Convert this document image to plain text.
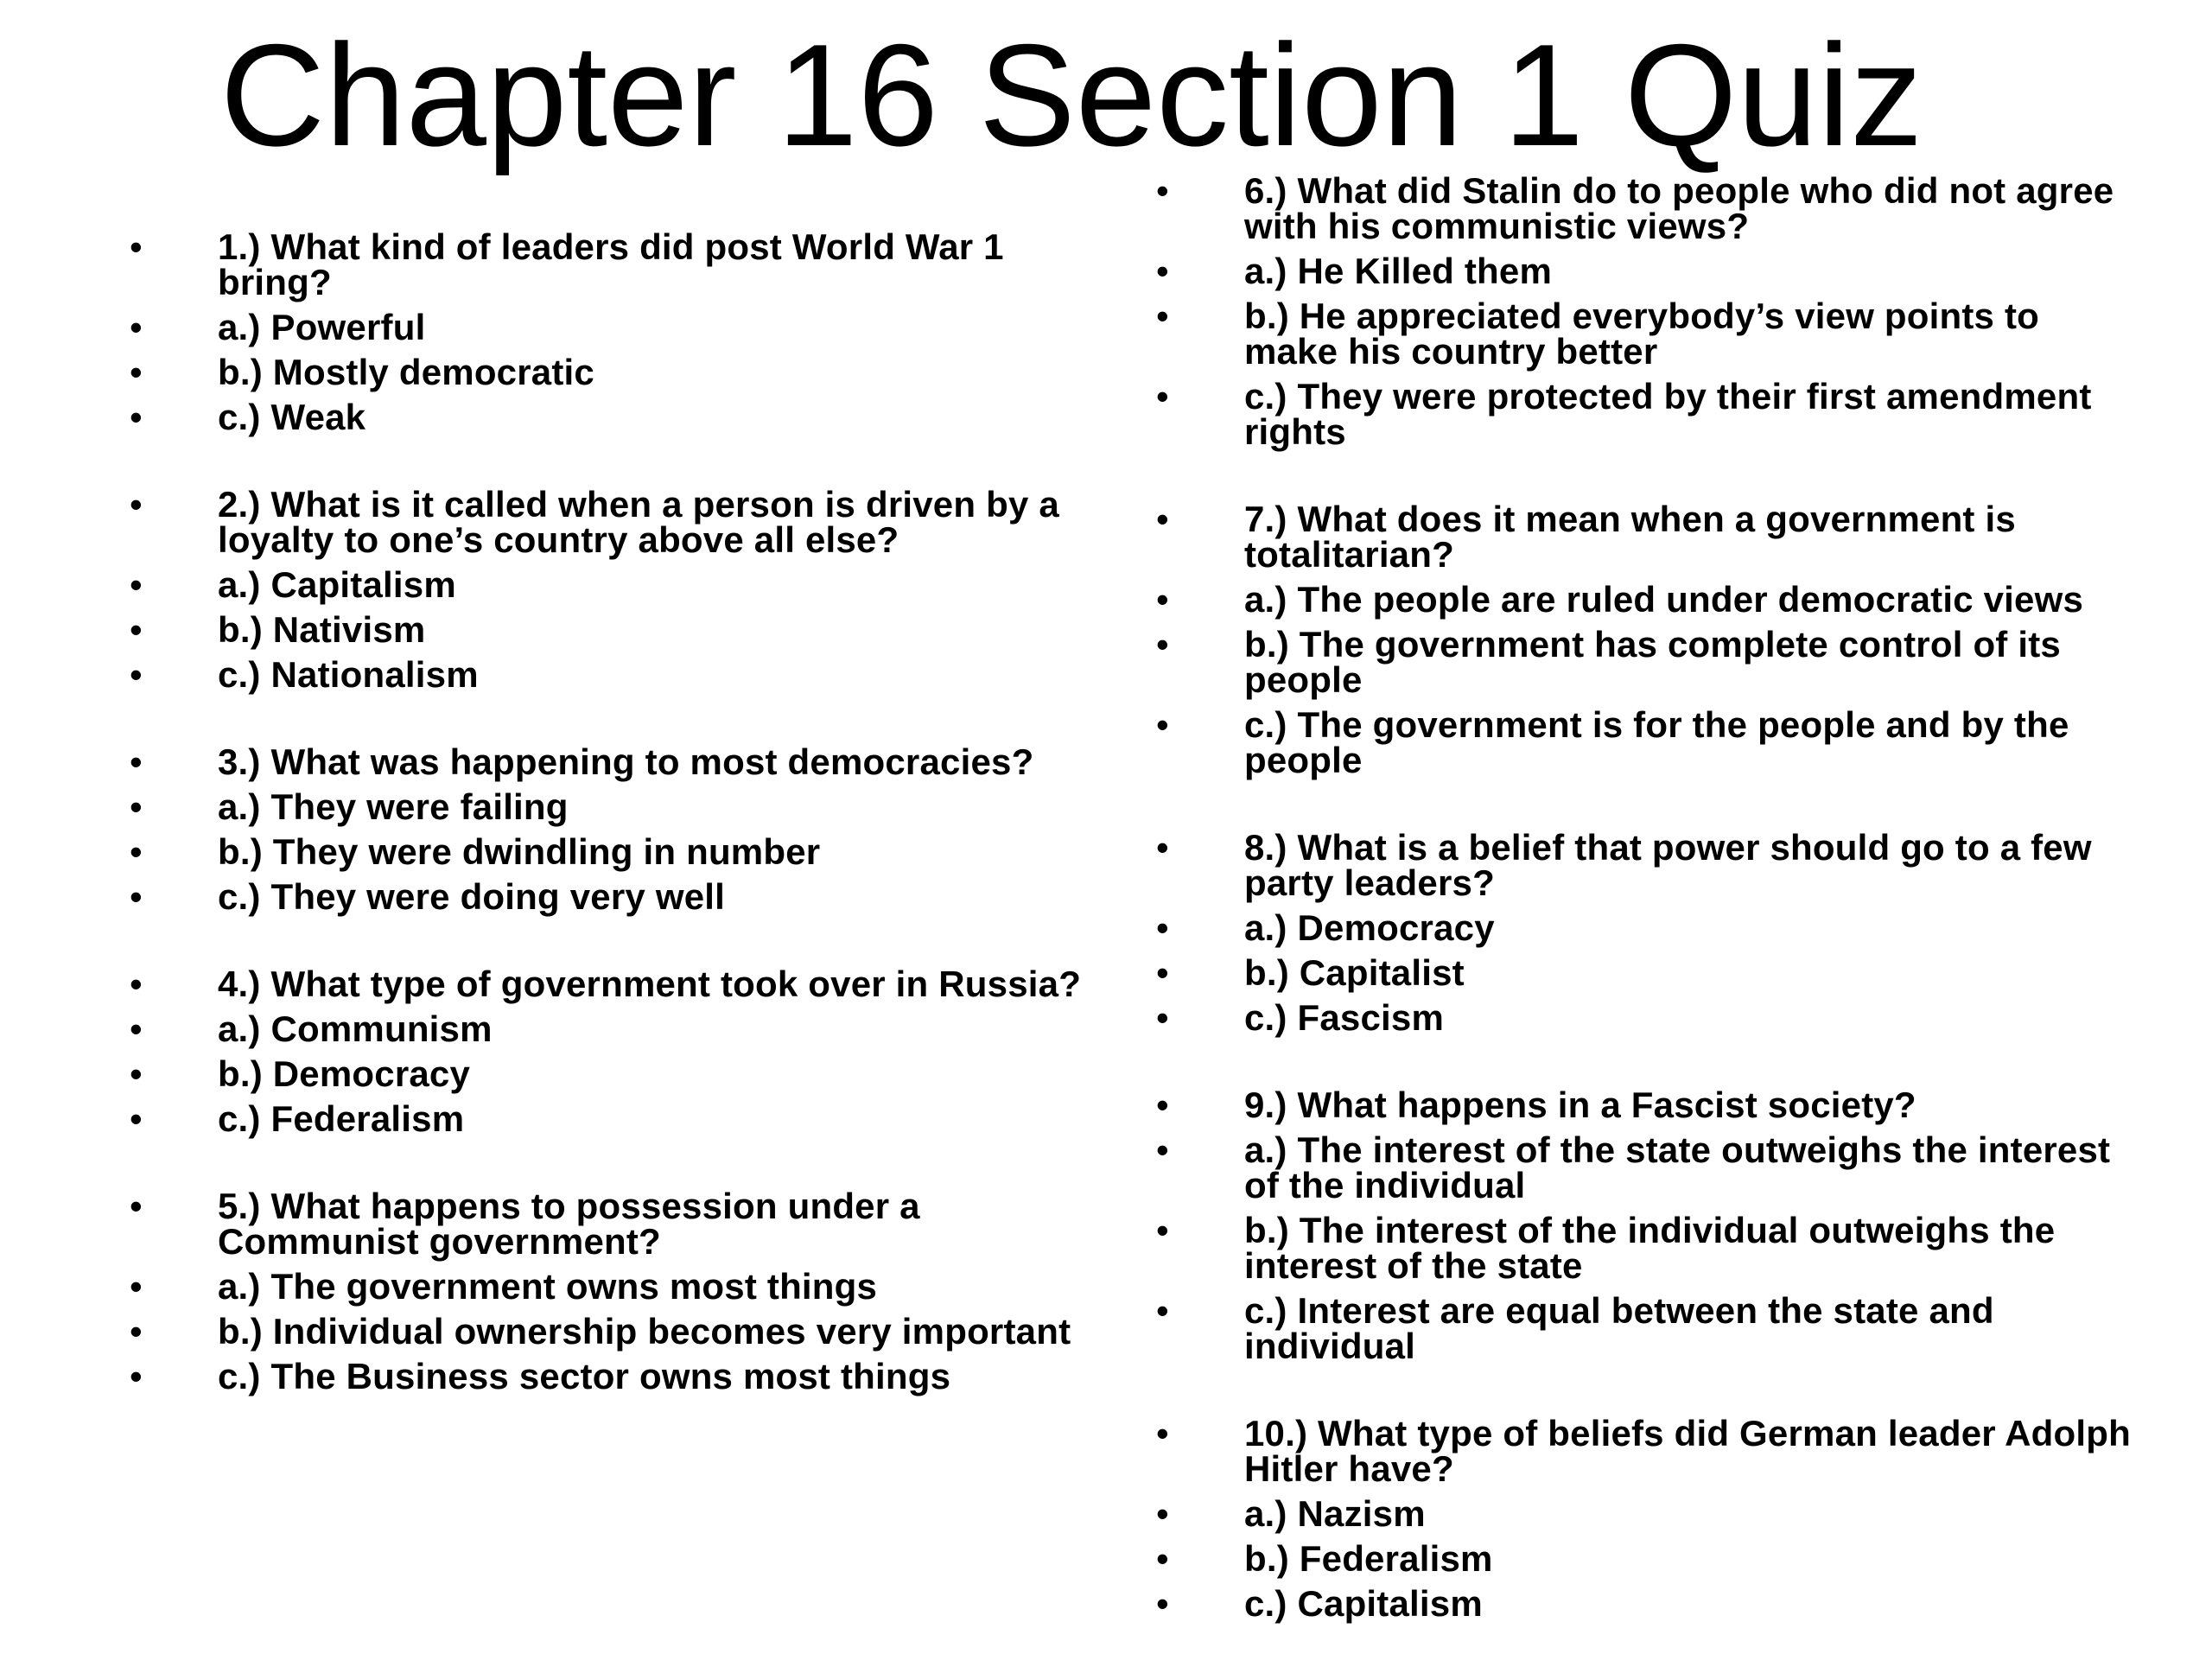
Chapter 16 Section 1 Quiz
•	1.) What kind of leaders did post World War 1 bring?
•	a.) Powerful
•	b.) Mostly democratic
•	c.) Weak
•	2.) What is it called when a person is driven by a loyalty to one’s country above all else?
•	a.) Capitalism
•	b.) Nativism
•	c.) Nationalism
•	3.) What was happening to most democracies?
•	a.) They were failing
•	b.) They were dwindling in number
•	c.) They were doing very well
•	4.) What type of government took over in Russia?
•	a.) Communism
•	b.) Democracy
•	c.) Federalism
•	5.) What happens to possession under a Communist government?
•	a.) The government owns most things
•	b.) Individual ownership becomes very important
•	c.) The Business sector owns most things
•	6.) What did Stalin do to people who did not agree with his communistic views?
•	a.) He Killed them
•	b.) He appreciated everybody’s view points to make his country better
•	c.) They were protected by their first amendment rights
•	7.) What does it mean when a government is totalitarian?
•	a.) The people are ruled under democratic views
•	b.) The government has complete control of its people
•	c.) The government is for the people and by the people
•	8.) What is a belief that power should go to a few party leaders?
•	a.) Democracy
•	b.) Capitalist
•	c.) Fascism
•	9.) What happens in a Fascist society?
•	a.) The interest of the state outweighs the interest of the individual
•	b.) The interest of the individual outweighs the interest of the state
•	c.) Interest are equal between the state and individual
•	10.) What type of beliefs did German leader Adolph Hitler have?
•	a.) Nazism
•	b.) Federalism
•	c.) Capitalism
